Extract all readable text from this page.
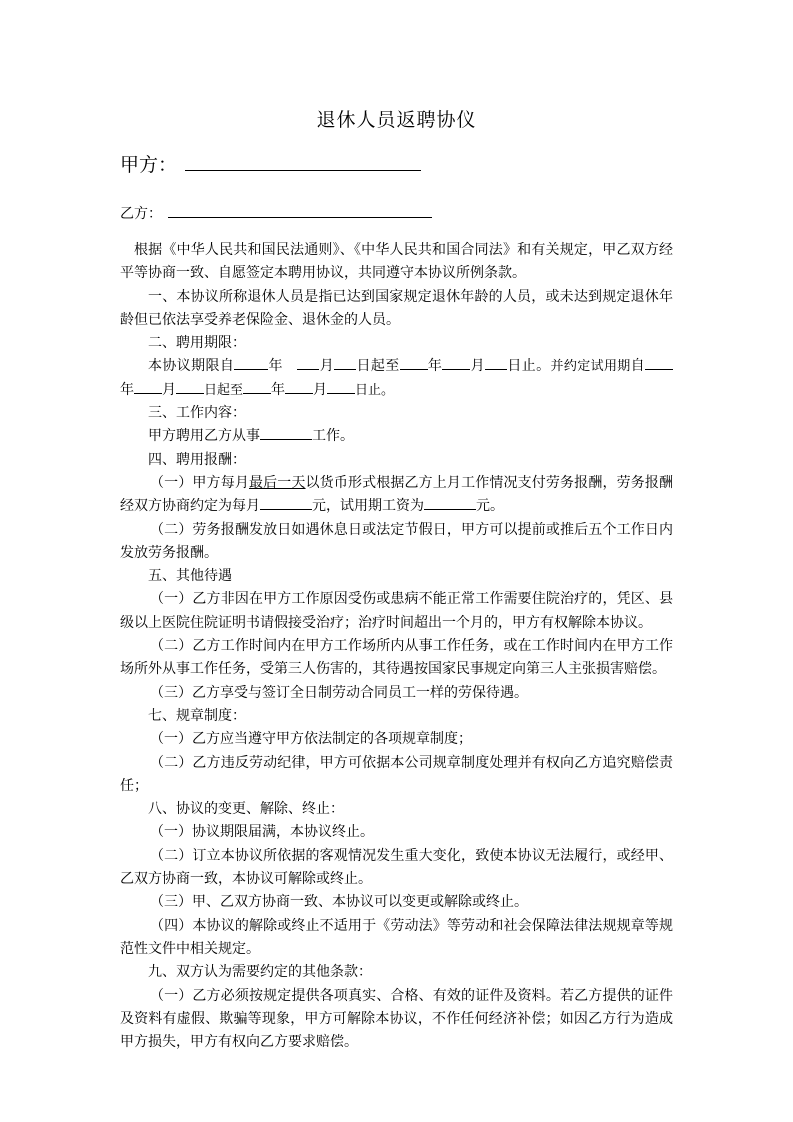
退休人员返聘协仪
甲方：
乙方：

根据《中华人民共和国民法通则》、《中华人民共和国合同法》和有关规定，甲乙双方经平等协商一致、自愿签定本聘用协议，共同遵守本协议所例条款。

一、本协议所称退休人员是指已达到国家规定退休年龄的人员，或未达到规定退休年龄但已依法享受养老保险金、退休金的人员。

二、聘用期限：

本协议期限自 年	月 日起至 年 月 日止。并约定试用期自年 月 日起至 年 月 日止。

三、工作内容：

甲方聘用乙方从事	工作。

四、聘用报酬：

（一）甲方每月最后一天以货币形式根据乙方上月工作情况支付劳务报酬，劳务报酬经双方协商约定为每月	元，试用期工资为	元。

（二）劳务报酬发放日如遇休息日或法定节假日，甲方可以提前或推后五个工作日内发放劳务报酬。

五、其他待遇

（一）乙方非因在甲方工作原因受伤或患病不能正常工作需要住院治疗的，凭区、县级以上医院住院证明书请假接受治疗；治疗时间超出一个月的，甲方有权解除本协议。

（二）乙方工作时间内在甲方工作场所内从事工作任务，或在工作时间内在甲方工作场所外从事工作任务，受第三人伤害的，其待遇按国家民事规定向第三人主张损害赔偿。

（三）乙方享受与签订全日制劳动合同员工一样的劳保待遇。

七、规章制度：

（一）乙方应当遵守甲方依法制定的各项规章制度；

（二）乙方违反劳动纪律，甲方可依据本公司规章制度处理并有权向乙方追究赔偿责任；

八、协议的变更、解除、终止：

（一）协议期限届满，本协议终止。

（二）订立本协议所依据的客观情况发生重大变化，致使本协议无法履行，或经甲、乙双方协商一致，本协议可解除或终止。

（三）甲、乙双方协商一致、本协议可以变更或解除或终止。

（四）本协议的解除或终止不适用于《劳动法》等劳动和社会保障法律法规规章等规范性文件中相关规定。

九、双方认为需要约定的其他条款：

（一）乙方必须按规定提供各项真实、合格、有效的证件及资料。若乙方提供的证件及资料有虚假、欺骗等现象，甲方可解除本协议，不作任何经济补偿；如因乙方行为造成甲方损失，甲方有权向乙方要求赔偿。
